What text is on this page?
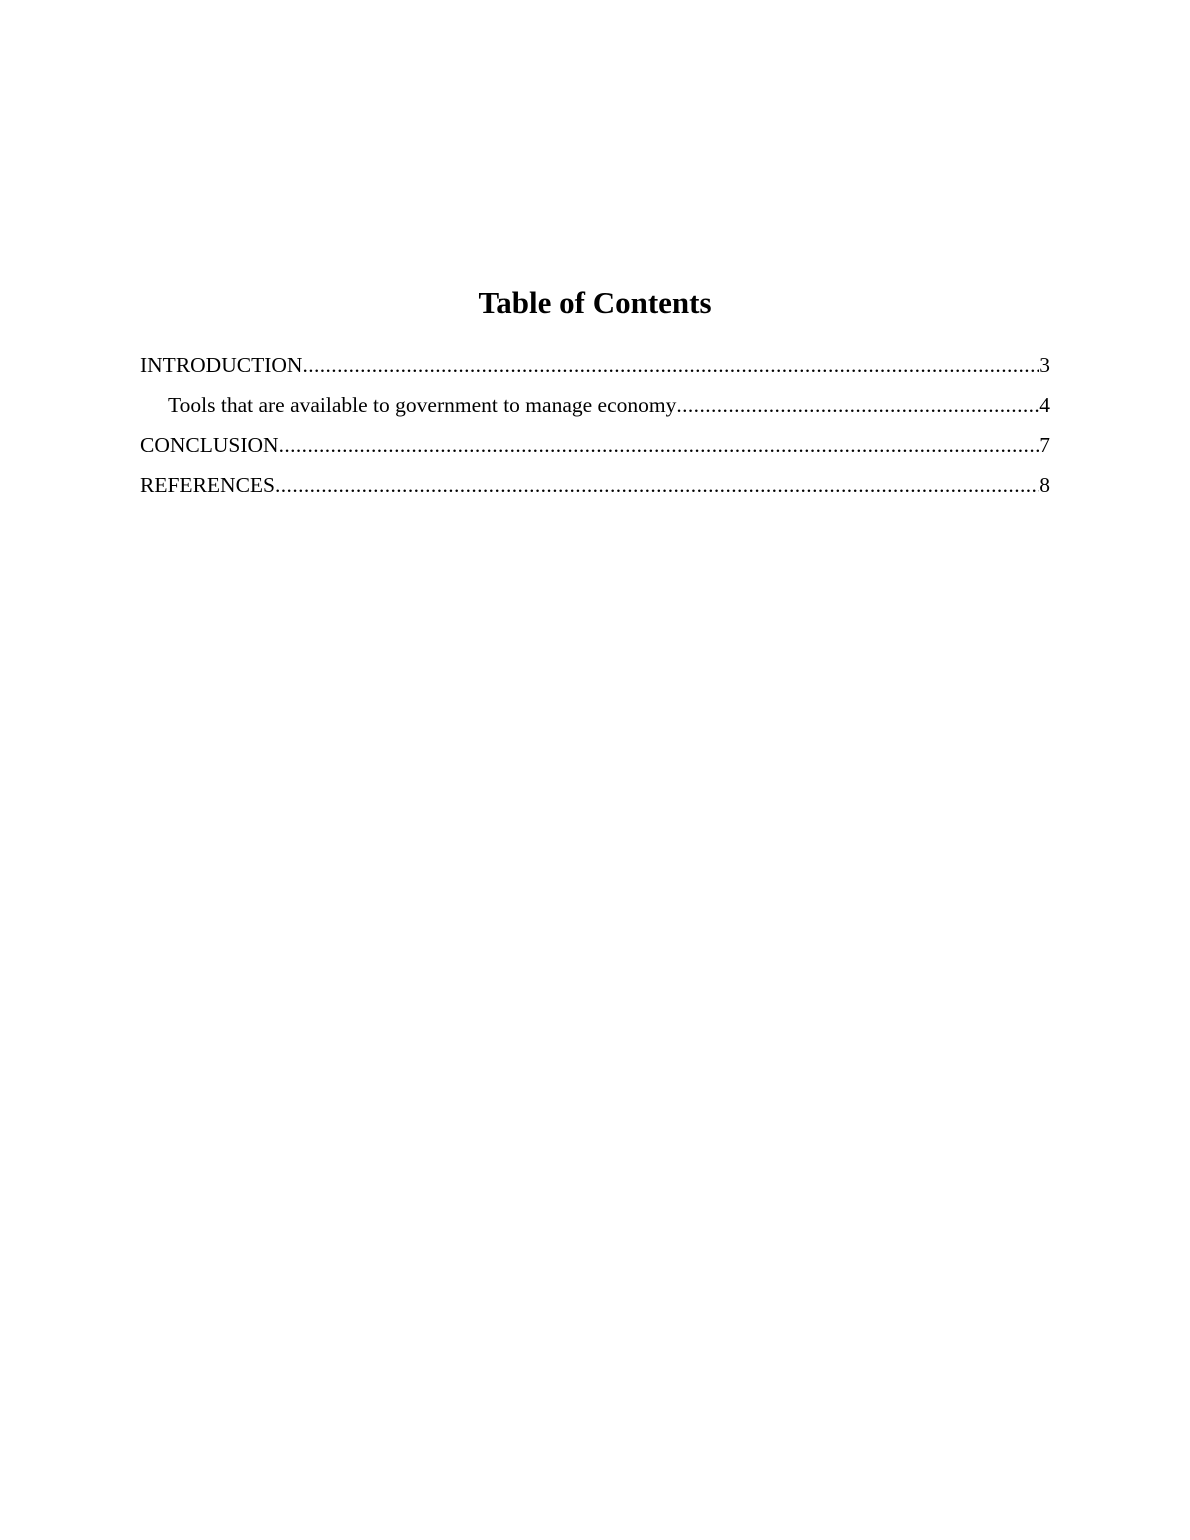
Table of Contents
INTRODUCTION .....	3
Tools that are available to government to manage economy .....	4
CONCLUSION .....	7
REFERENCES .....	8
